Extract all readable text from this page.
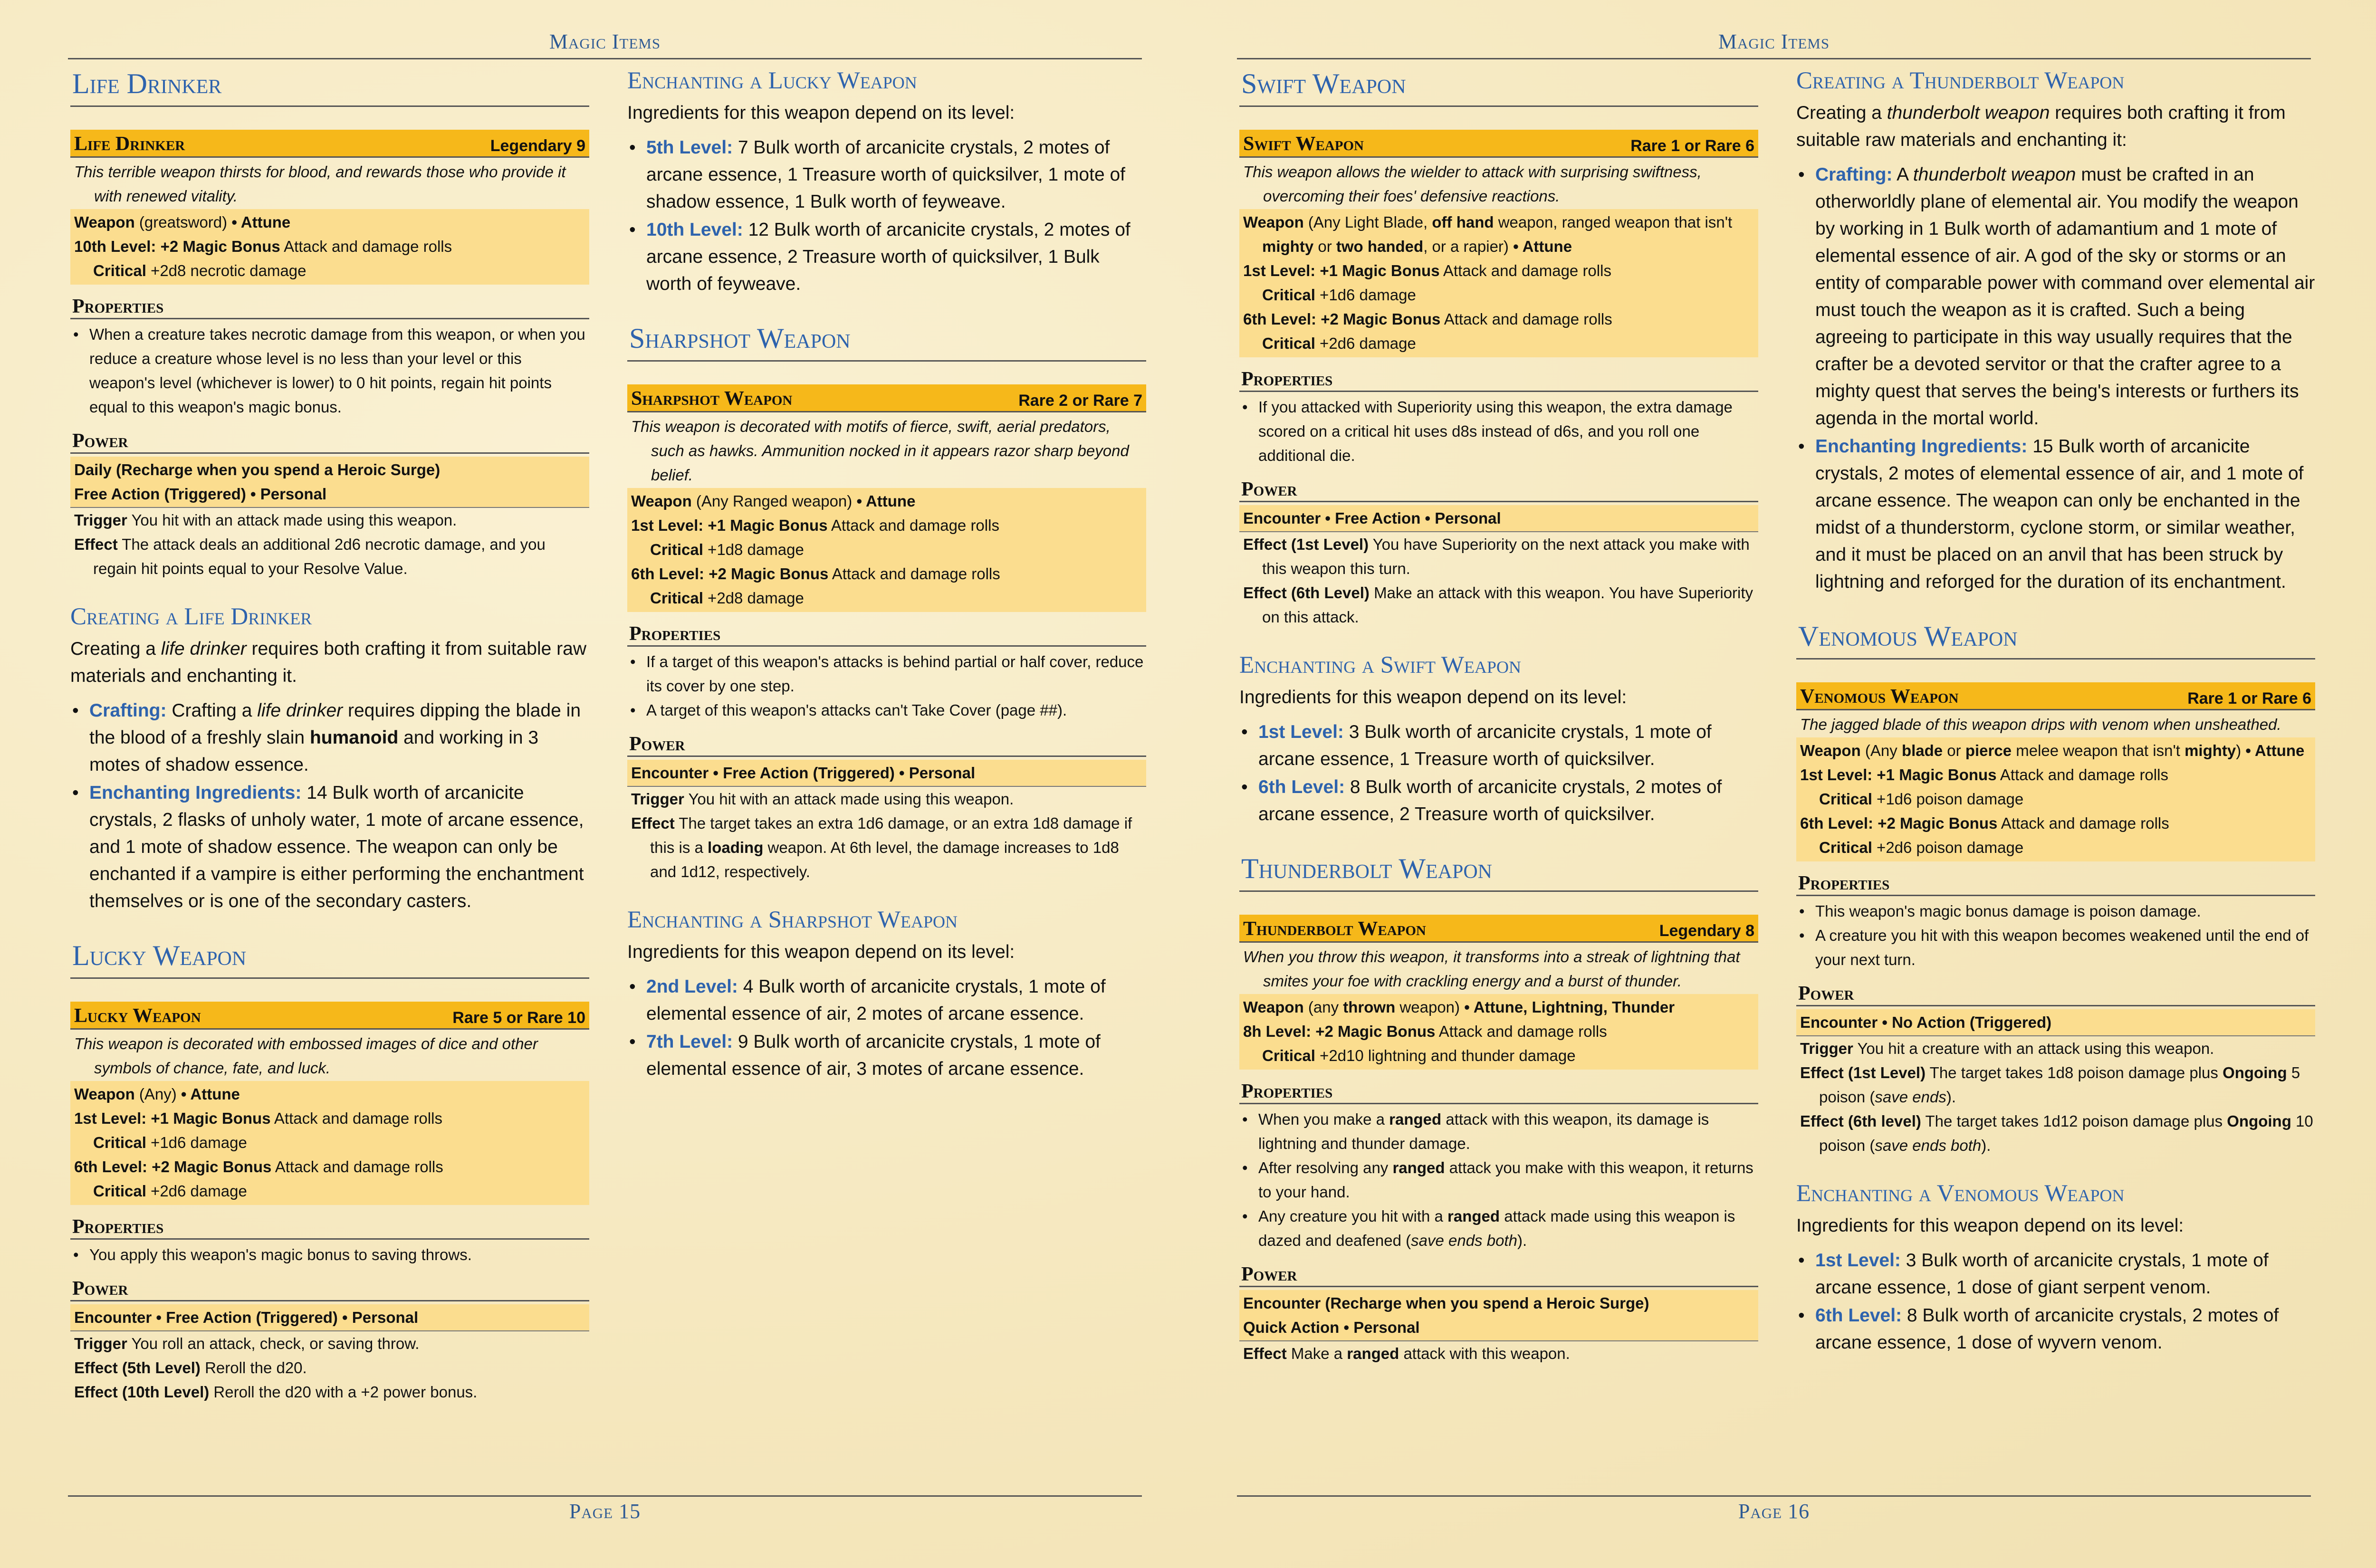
Magic Items
Life Drinker
Life Drinker	Legendary 9
This terrible weapon thirsts for blood, and rewards those who provide it with renewed vitality.
Weapon (greatsword) • Attune
10th Level: +2 Magic Bonus Attack and damage rolls
Critical +2d8 necrotic damage
Properties
• When a creature takes necrotic damage from this weapon, or when you reduce a creature whose level is no less than your level or this weapon's level (whichever is lower) to 0 hit points, regain hit points equal to this weapon's magic bonus.
Power
Daily (Recharge when you spend a Heroic Surge)
Free Action (Triggered) • Personal
Trigger You hit with an attack made using this weapon.
Effect The attack deals an additional 2d6 necrotic damage, and you regain hit points equal to your Resolve Value.
Creating a Life Drinker

Creating a life drinker requires both crafting it from suitable raw materials and enchanting it.

• Crafting: Crafting a life drinker requires dipping the blade in the blood of a freshly slain humanoid and working in 3 motes of shadow essence.
• Enchanting Ingredients: 14 Bulk worth of arcanicite crystals, 2 flasks of unholy water, 1 mote of arcane essence, and 1 mote of shadow essence. The weapon can only be enchanted if a vampire is either performing the enchantment themselves or is one of the secondary casters.
Lucky Weapon
Lucky Weapon	Rare 5 or Rare 10
This weapon is decorated with embossed images of dice and other symbols of chance, fate, and luck.
Weapon (Any) • Attune
1st Level: +1 Magic Bonus Attack and damage rolls
Critical +1d6 damage
6th Level: +2 Magic Bonus Attack and damage rolls
Critical +2d6 damage
Properties
• You apply this weapon's magic bonus to saving throws.
Power
Encounter • Free Action (Triggered) • Personal
Trigger You roll an attack, check, or saving throw.
Effect (5th Level) Reroll the d20.
Effect (10th Level) Reroll the d20 with a +2 power bonus.
Enchanting a Lucky Weapon

Ingredients for this weapon depend on its level:

• 5th Level: 7 Bulk worth of arcanicite crystals, 2 motes of arcane essence, 1 Treasure worth of quicksilver, 1 mote of shadow essence, 1 Bulk worth of feyweave.
• 10th Level: 12 Bulk worth of arcanicite crystals, 2 motes of arcane essence, 2 Treasure worth of quicksilver, 1 Bulk worth of feyweave.
Sharpshot Weapon
Sharpshot Weapon	Rare 2 or Rare 7
This weapon is decorated with motifs of fierce, swift, aerial predators, such as hawks. Ammunition nocked in it appears razor sharp beyond belief.
Weapon (Any Ranged weapon) • Attune
1st Level: +1 Magic Bonus Attack and damage rolls
Critical +1d8 damage
6th Level: +2 Magic Bonus Attack and damage rolls
Critical +2d8 damage
Properties
• If a target of this weapon's attacks is behind partial or half cover, reduce its cover by one step.
• A target of this weapon's attacks can't Take Cover (page ##).
Power
Encounter • Free Action (Triggered) • Personal
Trigger You hit with an attack made using this weapon.
Effect The target takes an extra 1d6 damage, or an extra 1d8 damage if this is a loading weapon. At 6th level, the damage increases to 1d8 and 1d12, respectively.
Enchanting a Sharpshot Weapon

Ingredients for this weapon depend on its level:

• 2nd Level: 4 Bulk worth of arcanicite crystals, 1 mote of elemental essence of air, 2 motes of arcane essence.
• 7th Level: 9 Bulk worth of arcanicite crystals, 1 mote of elemental essence of air, 3 motes of arcane essence.
Page 15
Magic Items
Swift Weapon
Swift Weapon	Rare 1 or Rare 6
This weapon allows the wielder to attack with surprising swiftness, overcoming their foes' defensive reactions.
Weapon (Any Light Blade, off hand weapon, ranged weapon that isn't mighty or two handed, or a rapier) • Attune
1st Level: +1 Magic Bonus Attack and damage rolls
Critical +1d6 damage
6th Level: +2 Magic Bonus Attack and damage rolls
Critical +2d6 damage
Properties
• If you attacked with Superiority using this weapon, the extra damage scored on a critical hit uses d8s instead of d6s, and you roll one additional die.
Power
Encounter • Free Action • Personal
Effect (1st Level) You have Superiority on the next attack you make with this weapon this turn.
Effect (6th Level) Make an attack with this weapon. You have Superiority on this attack.
Enchanting a Swift Weapon

Ingredients for this weapon depend on its level:

• 1st Level: 3 Bulk worth of arcanicite crystals, 1 mote of arcane essence, 1 Treasure worth of quicksilver.
• 6th Level: 8 Bulk worth of arcanicite crystals, 2 motes of arcane essence, 2 Treasure worth of quicksilver.
Thunderbolt Weapon
Thunderbolt Weapon	Legendary 8
When you throw this weapon, it transforms into a streak of lightning that smites your foe with crackling energy and a burst of thunder.
Weapon (any thrown weapon) • Attune, Lightning, Thunder
8h Level: +2 Magic Bonus Attack and damage rolls
Critical +2d10 lightning and thunder damage
Properties
• When you make a ranged attack with this weapon, its damage is lightning and thunder damage.
• After resolving any ranged attack you make with this weapon, it returns to your hand.
• Any creature you hit with a ranged attack made using this weapon is dazed and deafened (save ends both).
Power
Encounter (Recharge when you spend a Heroic Surge)
Quick Action • Personal
Effect Make a ranged attack with this weapon.
Creating a Thunderbolt Weapon

Creating a thunderbolt weapon requires both crafting it from suitable raw materials and enchanting it:

• Crafting: A thunderbolt weapon must be crafted in an otherworldly plane of elemental air. You modify the weapon by working in 1 Bulk worth of adamantium and 1 mote of elemental essence of air. A god of the sky or storms or an entity of comparable power with command over elemental air must touch the weapon as it is crafted. Such a being agreeing to participate in this way usually requires that the crafter be a devoted servitor or that the crafter agree to a mighty quest that serves the being's interests or furthers its agenda in the mortal world.
• Enchanting Ingredients: 15 Bulk worth of arcanicite crystals, 2 motes of elemental essence of air, and 1 mote of arcane essence. The weapon can only be enchanted in the midst of a thunderstorm, cyclone storm, or similar weather, and it must be placed on an anvil that has been struck by lightning and reforged for the duration of its enchantment.
Venomous Weapon
Venomous Weapon	Rare 1 or Rare 6
The jagged blade of this weapon drips with venom when unsheathed.
Weapon (Any blade or pierce melee weapon that isn't mighty) • Attune
1st Level: +1 Magic Bonus Attack and damage rolls
Critical +1d6 poison damage
6th Level: +2 Magic Bonus Attack and damage rolls
Critical +2d6 poison damage
Properties
• This weapon's magic bonus damage is poison damage.
• A creature you hit with this weapon becomes weakened until the end of your next turn.
Power
Encounter • No Action (Triggered)
Trigger You hit a creature with an attack using this weapon.
Effect (1st Level) The target takes 1d8 poison damage plus Ongoing 5 poison (save ends).
Effect (6th level) The target takes 1d12 poison damage plus Ongoing 10 poison (save ends both).
Enchanting a Venomous Weapon

Ingredients for this weapon depend on its level:

• 1st Level: 3 Bulk worth of arcanicite crystals, 1 mote of arcane essence, 1 dose of giant serpent venom.
• 6th Level: 8 Bulk worth of arcanicite crystals, 2 motes of arcane essence, 1 dose of wyvern venom.
Page 16
